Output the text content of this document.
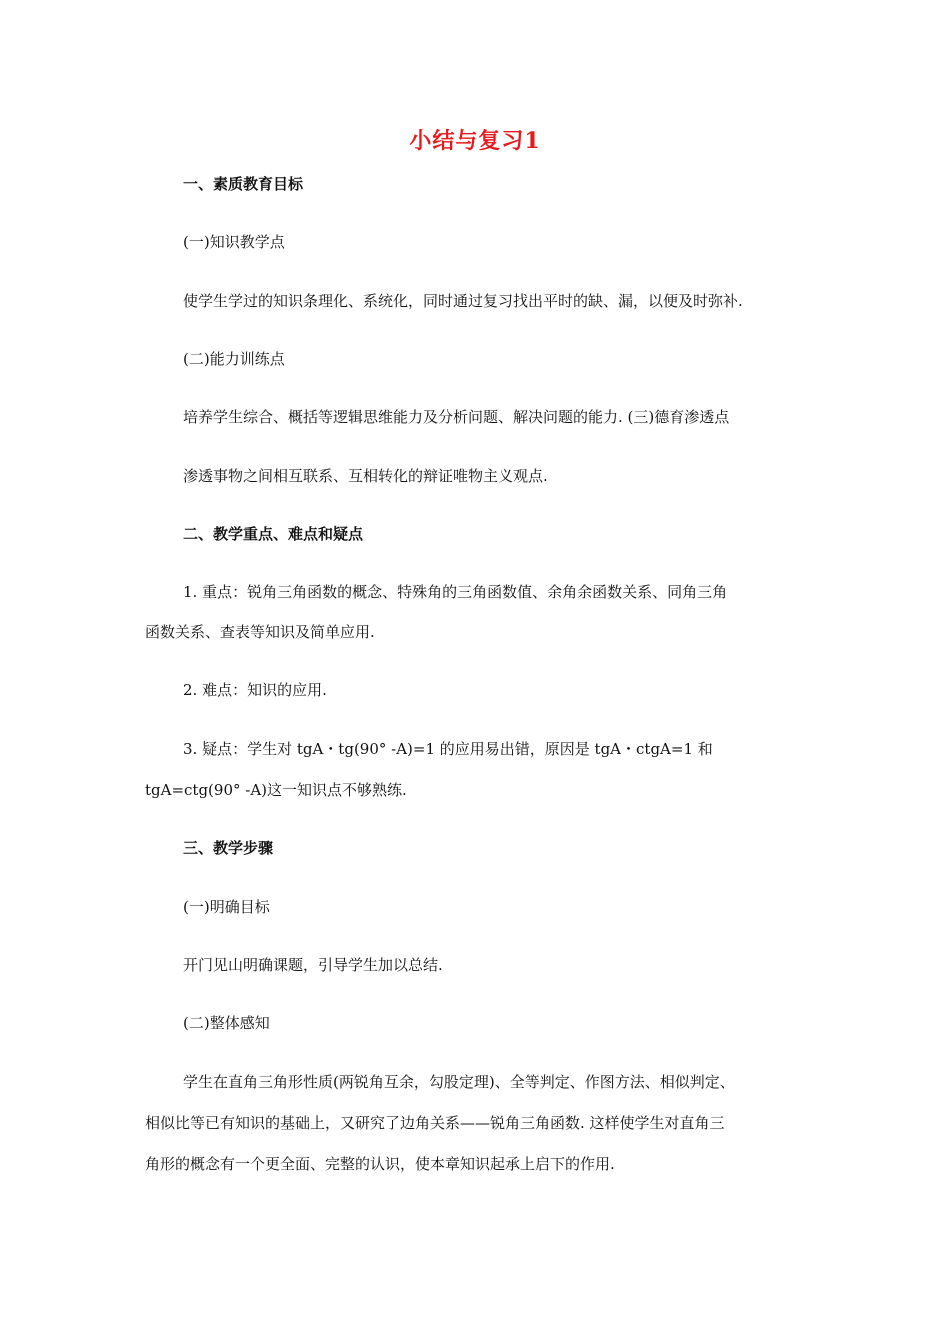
小结与复习1
一、素质教育目标
(一)知识教学点
使学生学过的知识条理化、系统化，同时通过复习找出平时的缺、漏，以便及时弥补.
(二)能力训练点
培养学生综合、概括等逻辑思维能力及分析问题、解决问题的能力. (三)德育渗透点
渗透事物之间相互联系、互相转化的辩证唯物主义观点.
二、教学重点、难点和疑点
1. 重点：锐角三角函数的概念、特殊角的三角函数值、余角余函数关系、同角三角
函数关系、查表等知识及简单应用.
2. 难点：知识的应用.
3. 疑点：学生对 tgA・tg(90° -A)=1 的应用易出错，原因是 tgA・ctgA=1 和
tgA=ctg(90° -A)这一知识点不够熟练.
三、教学步骤
(一)明确目标
开门见山明确课题，引导学生加以总结.
(二)整体感知
学生在直角三角形性质(两锐角互余，勾股定理)、全等判定、作图方法、相似判定、
相似比等已有知识的基础上，又研究了边角关系——锐角三角函数. 这样使学生对直角三
角形的概念有一个更全面、完整的认识，使本章知识起承上启下的作用.
